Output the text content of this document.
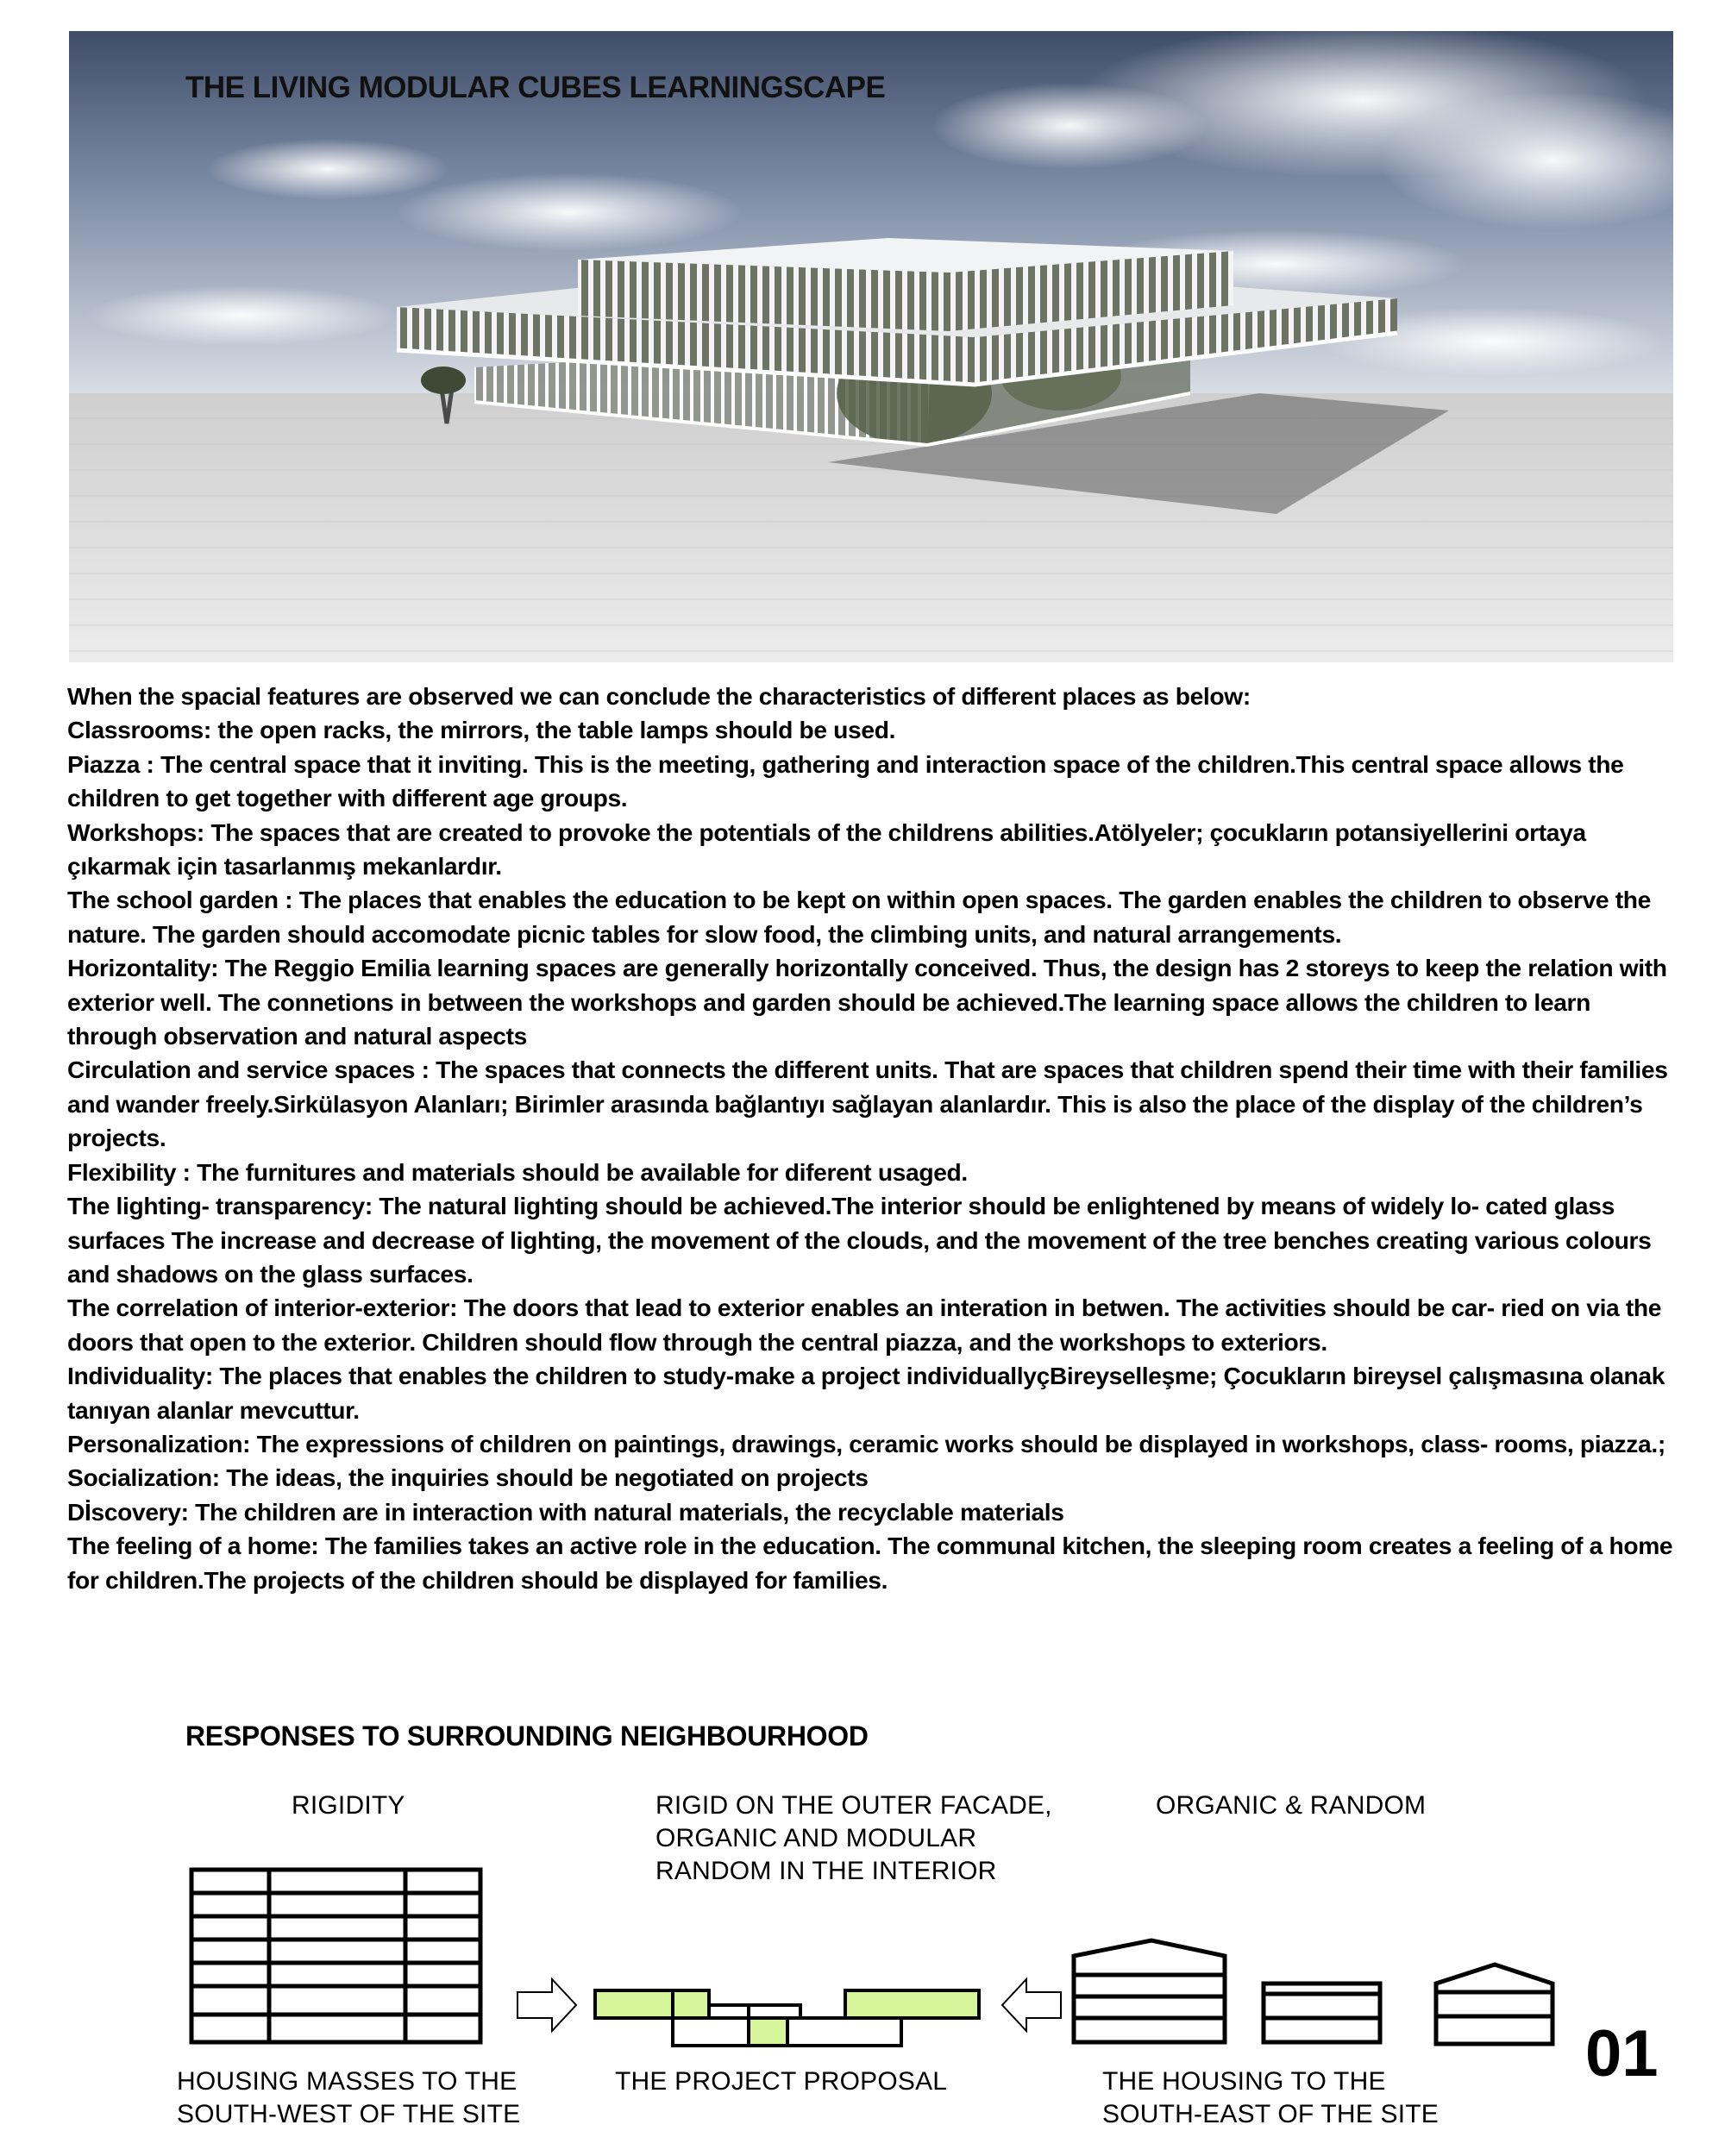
THE LIVING MODULAR CUBES LEARNINGSCAPE

When the spacial features are observed we can conclude the characteristics of different places as below:

Classrooms: the open racks, the mirrors, the table lamps should be used.

Piazza : The central space that it inviting. This is the meeting, gathering and interaction space of the children.This central space allows the children to get together with different age groups.

Workshops: The spaces that are created to provoke the potentials of the childrens abilities.Atölyeler; çocukların potansiyellerini ortaya çıkarmak için tasarlanmış mekanlardır.

The school garden : The places that enables the education to be kept on within open spaces. The garden enables the children to observe the nature. The garden should accomodate picnic tables for slow food, the climbing units, and natural arrangements.

Horizontality: The Reggio Emilia learning spaces are generally horizontally conceived. Thus, the design has 2 storeys to keep the relation with exterior well. The connetions in between the workshops and garden should be achieved.The learning space allows the children to learn through observation and natural aspects

Circulation and service spaces : The spaces that connects the different units. That are spaces that children spend their time with their families and wander freely.Sirkülasyon Alanları; Birimler arasında bağlantıyı sağlayan alanlardır. This is also the place of the display of the children’s projects.

Flexibility : The furnitures and materials should be available for diferent usaged.

The lighting- transparency: The natural lighting should be achieved.The interior should be enlightened by means of widely lo- cated glass surfaces The increase and decrease of lighting, the movement of the clouds, and the movement of the tree benches creating various colours and shadows on the glass surfaces.

The correlation of interior-exterior: The doors that lead to exterior enables an interation in betwen. The activities should be car- ried on via the doors that open to the exterior. Children should flow through the central piazza, and the workshops to exteriors.

Individuality: The places that enables the children to study-make a project individuallyçBireyselleşme; Çocukların bireysel çalışmasına olanak tanıyan alanlar mevcuttur.

Personalization: The expressions of children on paintings, drawings, ceramic works should be displayed in workshops, class- rooms, piazza.;

Socialization: The ideas, the inquiries should be negotiated on projects

Dİscovery: The children are in interaction with natural materials, the recyclable materials

The feeling of a home: The families takes an active role in the education. The communal kitchen, the sleeping room creates a feeling of a home for children.The projects of the children should be displayed for families.

RESPONSES TO SURROUNDING NEIGHBOURHOOD
RIGIDITY	RIGID ON THE OUTER FACADE, ORGANIC AND MODULAR RANDOM IN THE INTERIOR
ORGANIC & RANDOM
HOUSING MASSES TO THE SOUTH-WEST OF THE SITE
THE PROJECT PROPOSAL	THE HOUSING TO THE SOUTH-EAST OF THE SITE

01
